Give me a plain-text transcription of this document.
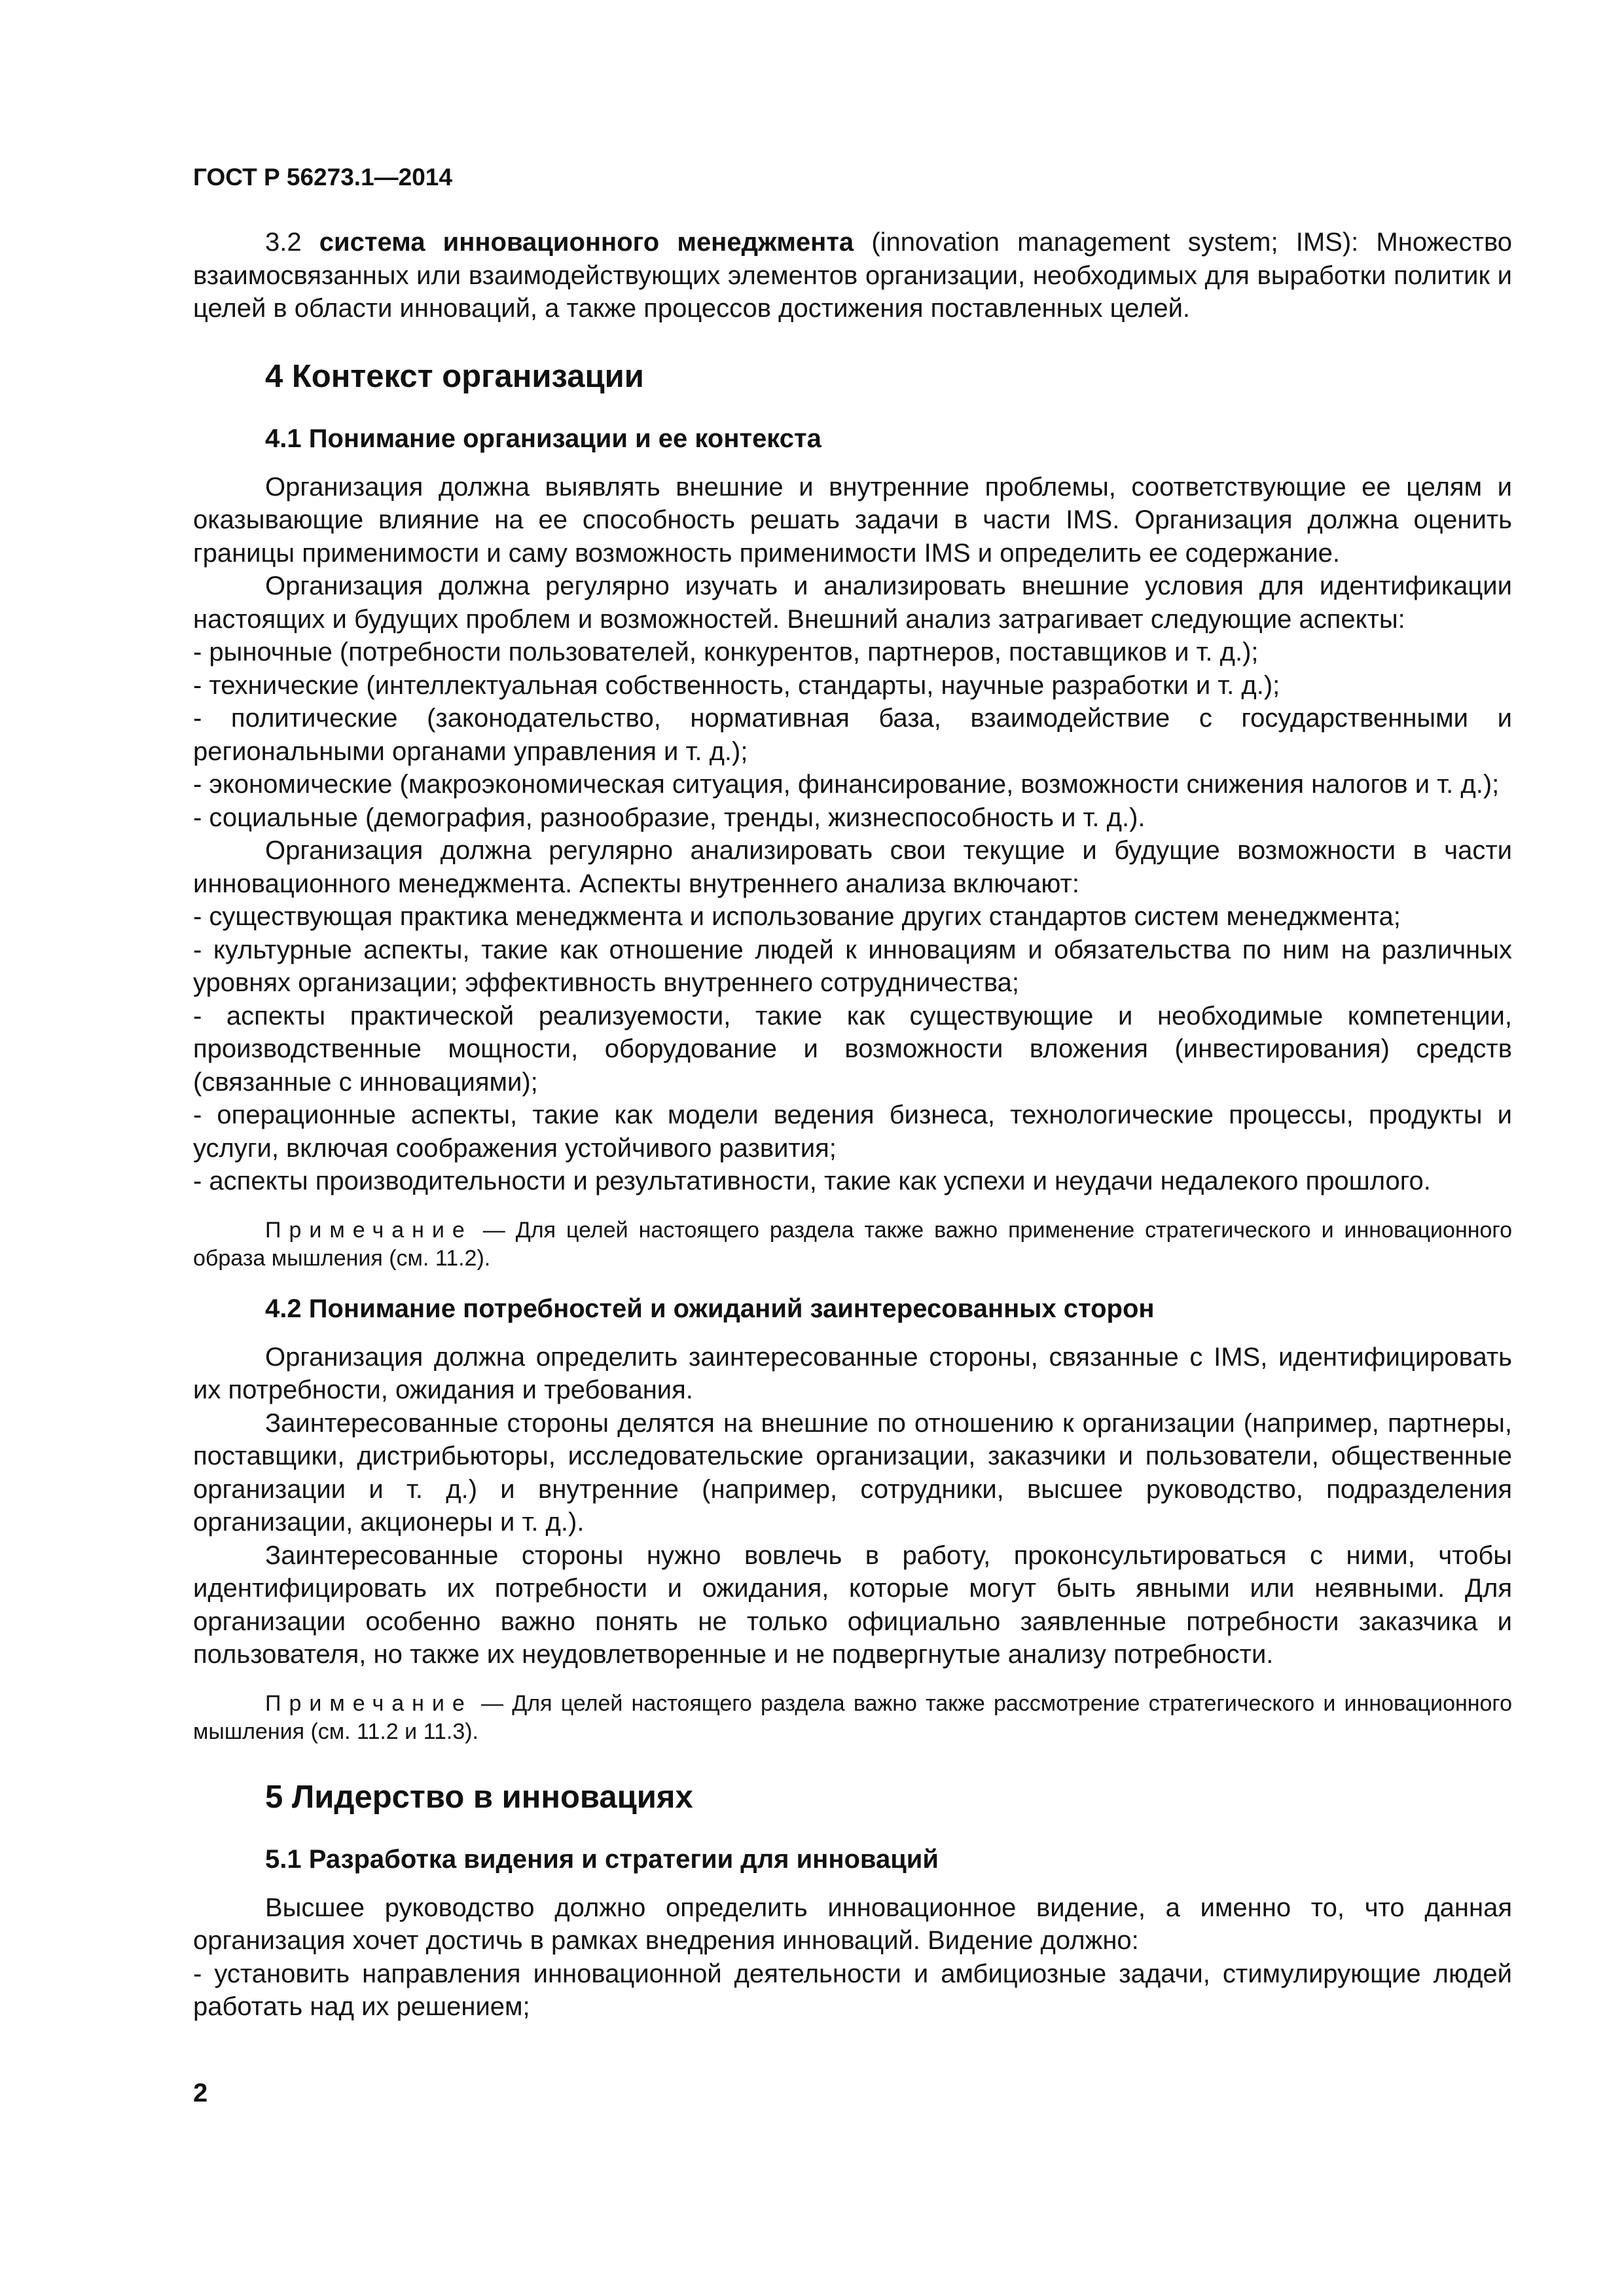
ГОСТ Р 56273.1—2014

3.2 система инновационного менеджмента (innovation management system; IMS): Множество взаимосвязанных или взаимодействующих элементов организации, необходимых для выработки политик и целей в области инноваций, а также процессов достижения поставленных целей.

4 Контекст организации
4.1 Понимание организации и ее контекста

Организация должна выявлять внешние и внутренние проблемы, соответствующие ее целям и оказывающие влияние на ее способность решать задачи в части IMS. Организация должна оценить границы применимости и саму возможность применимости IMS и определить ее содержание.

Организация должна регулярно изучать и анализировать внешние условия для идентификации настоящих и будущих проблем и возможностей. Внешний анализ затрагивает следующие аспекты:

- рыночные (потребности пользователей, конкурентов, партнеров, поставщиков и т. д.);

- технические (интеллектуальная собственность, стандарты, научные разработки и т. д.);

- политические (законодательство, нормативная база, взаимодействие с государственными и региональными органами управления и т. д.);

- экономические (макроэкономическая ситуация, финансирование, возможности снижения налогов и т. д.);

- социальные (демография, разнообразие, тренды, жизнеспособность и т. д.).

Организация должна регулярно анализировать свои текущие и будущие возможности в части инновационного менеджмента. Аспекты внутреннего анализа включают:

- существующая практика менеджмента и использование других стандартов систем менеджмента;

- культурные аспекты, такие как отношение людей к инновациям и обязательства по ним на различных уровнях организации; эффективность внутреннего сотрудничества;

- аспекты практической реализуемости, такие как существующие и необходимые компетенции, производственные мощности, оборудование и возможности вложения (инвестирования) средств (связанные с инновациями);

- операционные аспекты, такие как модели ведения бизнеса, технологические процессы, продукты и услуги, включая соображения устойчивого развития;

- аспекты производительности и результативности, такие как успехи и неудачи недалекого прошлого.

Примечание — Для целей настоящего раздела также важно применение стратегического и инновационного образа мышления (см. 11.2).
4.2 Понимание потребностей и ожиданий заинтересованных сторон

Организация должна определить заинтересованные стороны, связанные с IMS, идентифицировать их потребности, ожидания и требования.

Заинтересованные стороны делятся на внешние по отношению к организации (например, партнеры, поставщики, дистрибьюторы, исследовательские организации, заказчики и пользователи, общественные организации и т. д.) и внутренние (например, сотрудники, высшее руководство, подразделения организации, акционеры и т. д.).

Заинтересованные стороны нужно вовлечь в работу, проконсультироваться с ними, чтобы идентифицировать их потребности и ожидания, которые могут быть явными или неявными. Для организации особенно важно понять не только официально заявленные потребности заказчика и пользователя, но также их неудовлетворенные и не подвергнутые анализу потребности.

Примечание — Для целей настоящего раздела важно также рассмотрение стратегического и инновационного мышления (см. 11.2 и 11.3).
5 Лидерство в инновациях
5.1 Разработка видения и стратегии для инноваций

Высшее руководство должно определить инновационное видение, а именно то, что данная организация хочет достичь в рамках внедрения инноваций. Видение должно:

- установить направления инновационной деятельности и амбициозные задачи, стимулирующие людей работать над их решением;

2
